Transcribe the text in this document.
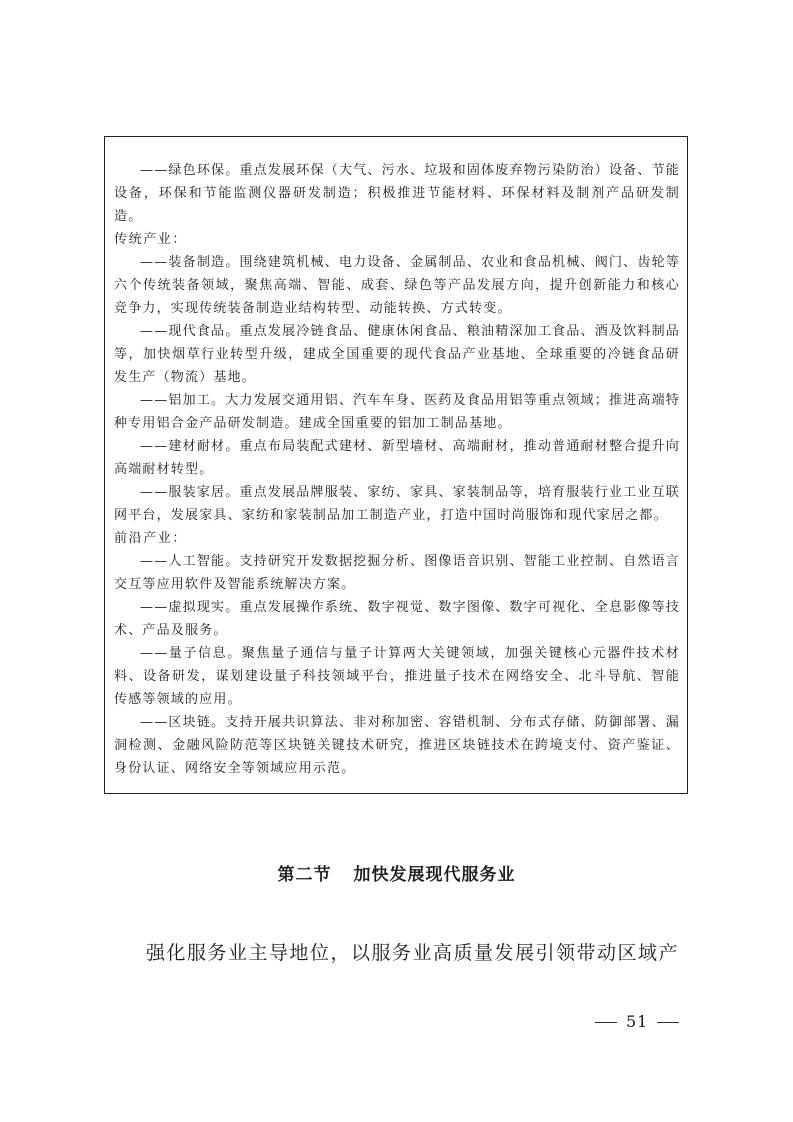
——绿色环保。重点发展环保（大气、污水、垃圾和固体废弃物污染防治）设备、节能设备，环保和节能监测仪器研发制造；积极推进节能材料、环保材料及制剂产品研发制造。

传统产业：

——装备制造。围绕建筑机械、电力设备、金属制品、农业和食品机械、阀门、齿轮等六个传统装备领域，聚焦高端、智能、成套、绿色等产品发展方向，提升创新能力和核心竞争力，实现传统装备制造业结构转型、动能转换、方式转变。

——现代食品。重点发展冷链食品、健康休闲食品、粮油精深加工食品、酒及饮料制品等，加快烟草行业转型升级，建成全国重要的现代食品产业基地、全球重要的冷链食品研发生产（物流）基地。

——铝加工。大力发展交通用铝、汽车车身、医药及食品用铝等重点领域；推进高端特种专用铝合金产品研发制造。建成全国重要的铝加工制品基地。

——建材耐材。重点布局装配式建材、新型墙材、高端耐材，推动普通耐材整合提升向高端耐材转型。

——服装家居。重点发展品牌服装、家纺、家具、家装制品等，培育服装行业工业互联网平台，发展家具、家纺和家装制品加工制造产业，打造中国时尚服饰和现代家居之都。

前沿产业：

——人工智能。支持研究开发数据挖掘分析、图像语音识别、智能工业控制、自然语言交互等应用软件及智能系统解决方案。

——虚拟现实。重点发展操作系统、数字视觉、数字图像、数字可视化、全息影像等技术、产品及服务。

——量子信息。聚焦量子通信与量子计算两大关键领域，加强关键核心元器件技术材料、设备研发，谋划建设量子科技领域平台，推进量子技术在网络安全、北斗导航、智能传感等领域的应用。

——区块链。支持开展共识算法、非对称加密、容错机制、分布式存储、防御部署、漏洞检测、金融风险防范等区块链关键技术研究，推进区块链技术在跨境支付、资产鉴证、身份认证、网络安全等领域应用示范。

第二节 加快发展现代服务业
强化服务业主导地位，以服务业高质量发展引领带动区域产
51
